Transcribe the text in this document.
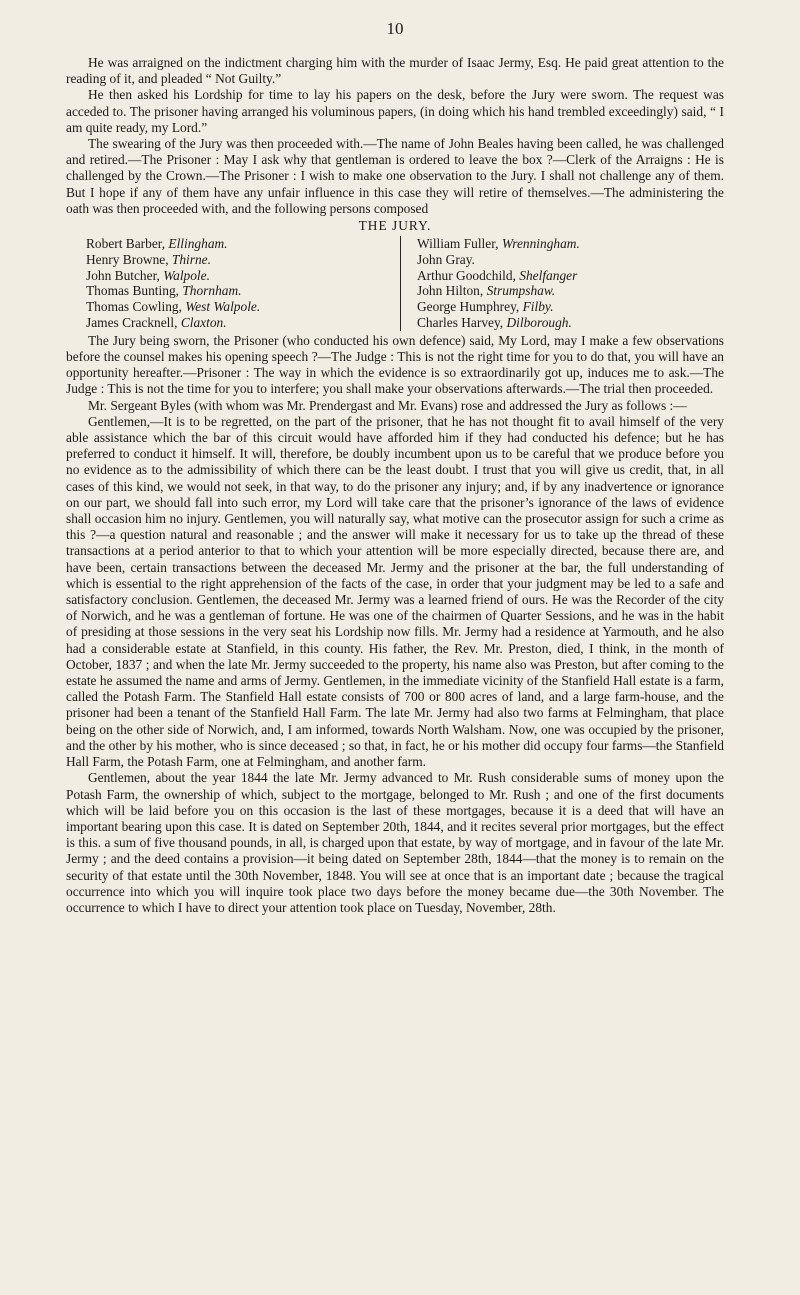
10

He was arraigned on the indictment charging him with the murder of Isaac Jermy, Esq. He paid great attention to the reading of it, and pleaded “ Not Guilty.”

He then asked his Lordship for time to lay his papers on the desk, before the Jury were sworn. The request was acceded to. The prisoner having arranged his voluminous papers, (in doing which his hand trembled exceedingly) said, “ I am quite ready, my Lord.”

The swearing of the Jury was then proceeded with.—The name of John Beales having been called, he was challenged and retired.—The Prisoner : May I ask why that gentleman is ordered to leave the box ?—Clerk of the Arraigns : He is challenged by the Crown.—The Prisoner : I wish to make one observation to the Jury. I shall not challenge any of them. But I hope if any of them have any unfair influence in this case they will retire of themselves.—The administering the oath was then proceeded with, and the following persons composed

THE JURY.
Robert Barber, Ellingham.
Henry Browne, Thirne.
John Butcher, Walpole.
Thomas Bunting, Thornham.
Thomas Cowling, West Walpole.
James Cracknell, Claxton.
William Fuller, Wrenningham.
John Gray.
Arthur Goodchild, Shelfanger
John Hilton, Strumpshaw.
George Humphrey, Filby.
Charles Harvey, Dilborough.

The Jury being sworn, the Prisoner (who conducted his own defence) said, My Lord, may I make a few observations before the counsel makes his opening speech ?—The Judge : This is not the right time for you to do that, you will have an opportunity hereafter.—Prisoner : The way in which the evidence is so extraordinarily got up, induces me to ask.—The Judge : This is not the time for you to interfere; you shall make your observations afterwards.—The trial then proceeded.

Mr. Sergeant Byles (with whom was Mr. Prendergast and Mr. Evans) rose and addressed the Jury as follows :—

Gentlemen,—It is to be regretted, on the part of the prisoner, that he has not thought fit to avail himself of the very able assistance which the bar of this circuit would have afforded him if they had conducted his defence; but he has preferred to conduct it himself. It will, therefore, be doubly incumbent upon us to be careful that we produce before you no evidence as to the admissibility of which there can be the least doubt. I trust that you will give us credit, that, in all cases of this kind, we would not seek, in that way, to do the prisoner any injury; and, if by any inadvertence or ignorance on our part, we should fall into such error, my Lord will take care that the prisoner’s ignorance of the laws of evidence shall occasion him no injury. Gentlemen, you will naturally say, what motive can the prosecutor assign for such a crime as this ?—a question natural and reasonable ; and the answer will make it necessary for us to take up the thread of these transactions at a period anterior to that to which your attention will be more especially directed, because there are, and have been, certain transactions between the deceased Mr. Jermy and the prisoner at the bar, the full understanding of which is essential to the right apprehension of the facts of the case, in order that your judgment may be led to a safe and satisfactory conclusion. Gentlemen, the deceased Mr. Jermy was a learned friend of ours. He was the Recorder of the city of Norwich, and he was a gentleman of fortune. He was one of the chairmen of Quarter Sessions, and he was in the habit of presiding at those sessions in the very seat his Lordship now fills. Mr. Jermy had a residence at Yarmouth, and he also had a considerable estate at Stanfield, in this county. His father, the Rev. Mr. Preston, died, I think, in the month of October, 1837 ; and when the late Mr. Jermy succeeded to the property, his name also was Preston, but after coming to the estate he assumed the name and arms of Jermy. Gentlemen, in the immediate vicinity of the Stanfield Hall estate is a farm, called the Potash Farm. The Stanfield Hall estate consists of 700 or 800 acres of land, and a large farm-house, and the prisoner had been a tenant of the Stanfield Hall Farm. The late Mr. Jermy had also two farms at Felmingham, that place being on the other side of Norwich, and, I am informed, towards North Walsham. Now, one was occupied by the prisoner, and the other by his mother, who is since deceased ; so that, in fact, he or his mother did occupy four farms—the Stanfield Hall Farm, the Potash Farm, one at Felmingham, and another farm.

Gentlemen, about the year 1844 the late Mr. Jermy advanced to Mr. Rush considerable sums of money upon the Potash Farm, the ownership of which, subject to the mortgage, belonged to Mr. Rush ; and one of the first documents which will be laid before you on this occasion is the last of these mortgages, because it is a deed that will have an important bearing upon this case. It is dated on September 20th, 1844, and it recites several prior mortgages, but the effect is this. a sum of five thousand pounds, in all, is charged upon that estate, by way of mortgage, and in favour of the late Mr. Jermy ; and the deed contains a provision—it being dated on September 28th, 1844—that the money is to remain on the security of that estate until the 30th November, 1848. You will see at once that is an important date ; because the tragical occurrence into which you will inquire took place two days before the money became due—the 30th November. The occurrence to which I have to direct your attention took place on Tuesday, November, 28th.
